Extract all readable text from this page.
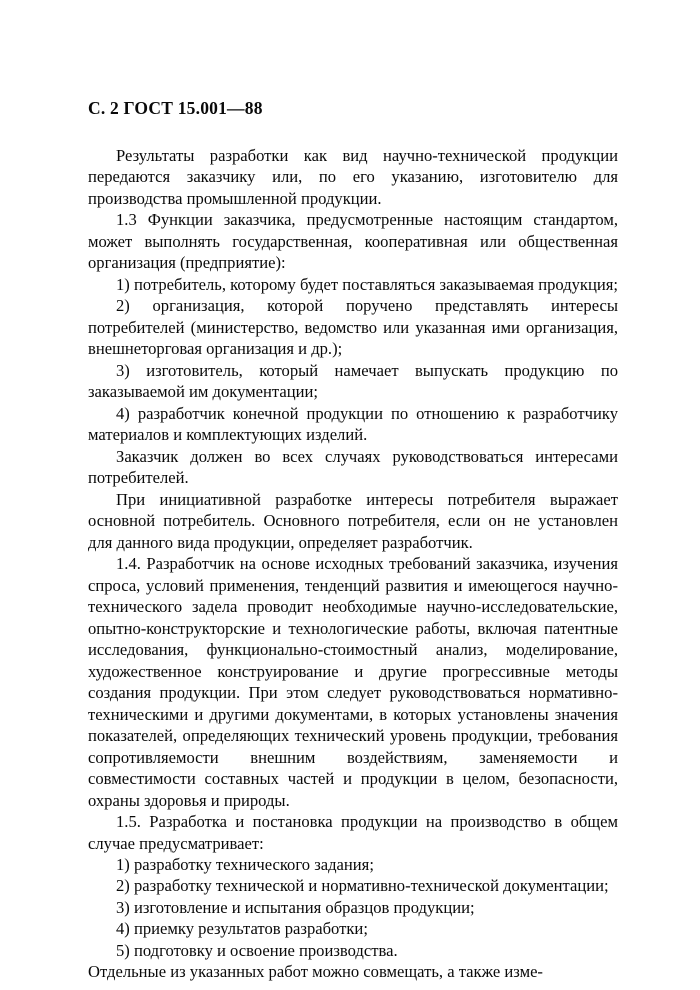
С. 2 ГОСТ 15.001—88

Результаты разработки как вид научно-технической продукции передаются заказчику или, по его указанию, изготовителю для производства промышленной продукции.

1.3 Функции заказчика, предусмотренные настоящим стандартом, может выполнять государственная, кооперативная или общественная организация (предприятие):

1) потребитель, которому будет поставляться заказываемая продукция;

2) организация, которой поручено представлять интересы потребителей (министерство, ведомство или указанная ими организация, внешнеторговая организация и др.);

3) изготовитель, который намечает выпускать продукцию по заказываемой им документации;

4) разработчик конечной продукции по отношению к разработчику материалов и комплектующих изделий.

Заказчик должен во всех случаях руководствоваться интересами потребителей.

При инициативной разработке интересы потребителя выражает основной потребитель. Основного потребителя, если он не установлен для данного вида продукции, определяет разработчик.

1.4. Разработчик на основе исходных требований заказчика, изучения спроса, условий применения, тенденций развития и имеющегося научно-технического задела проводит необходимые научно-исследовательские, опытно-конструкторские и технологические работы, включая патентные исследования, функционально-стоимостный анализ, моделирование, художественное конструирование и другие прогрессивные методы создания продукции. При этом следует руководствоваться нормативно-техническими и другими документами, в которых установлены значения показателей, определяющих технический уровень продукции, требования сопротивляемости внешним воздействиям, заменяемости и совместимости составных частей и продукции в целом, безопасности, охраны здоровья и природы.

1.5. Разработка и постановка продукции на производство в общем случае предусматривает:

1) разработку технического задания;

2) разработку технической и нормативно-технической документации;

3) изготовление и испытания образцов продукции;

4) приемку результатов разработки;

5) подготовку и освоение производства.

Отдельные из указанных работ можно совмещать, а также изме-
